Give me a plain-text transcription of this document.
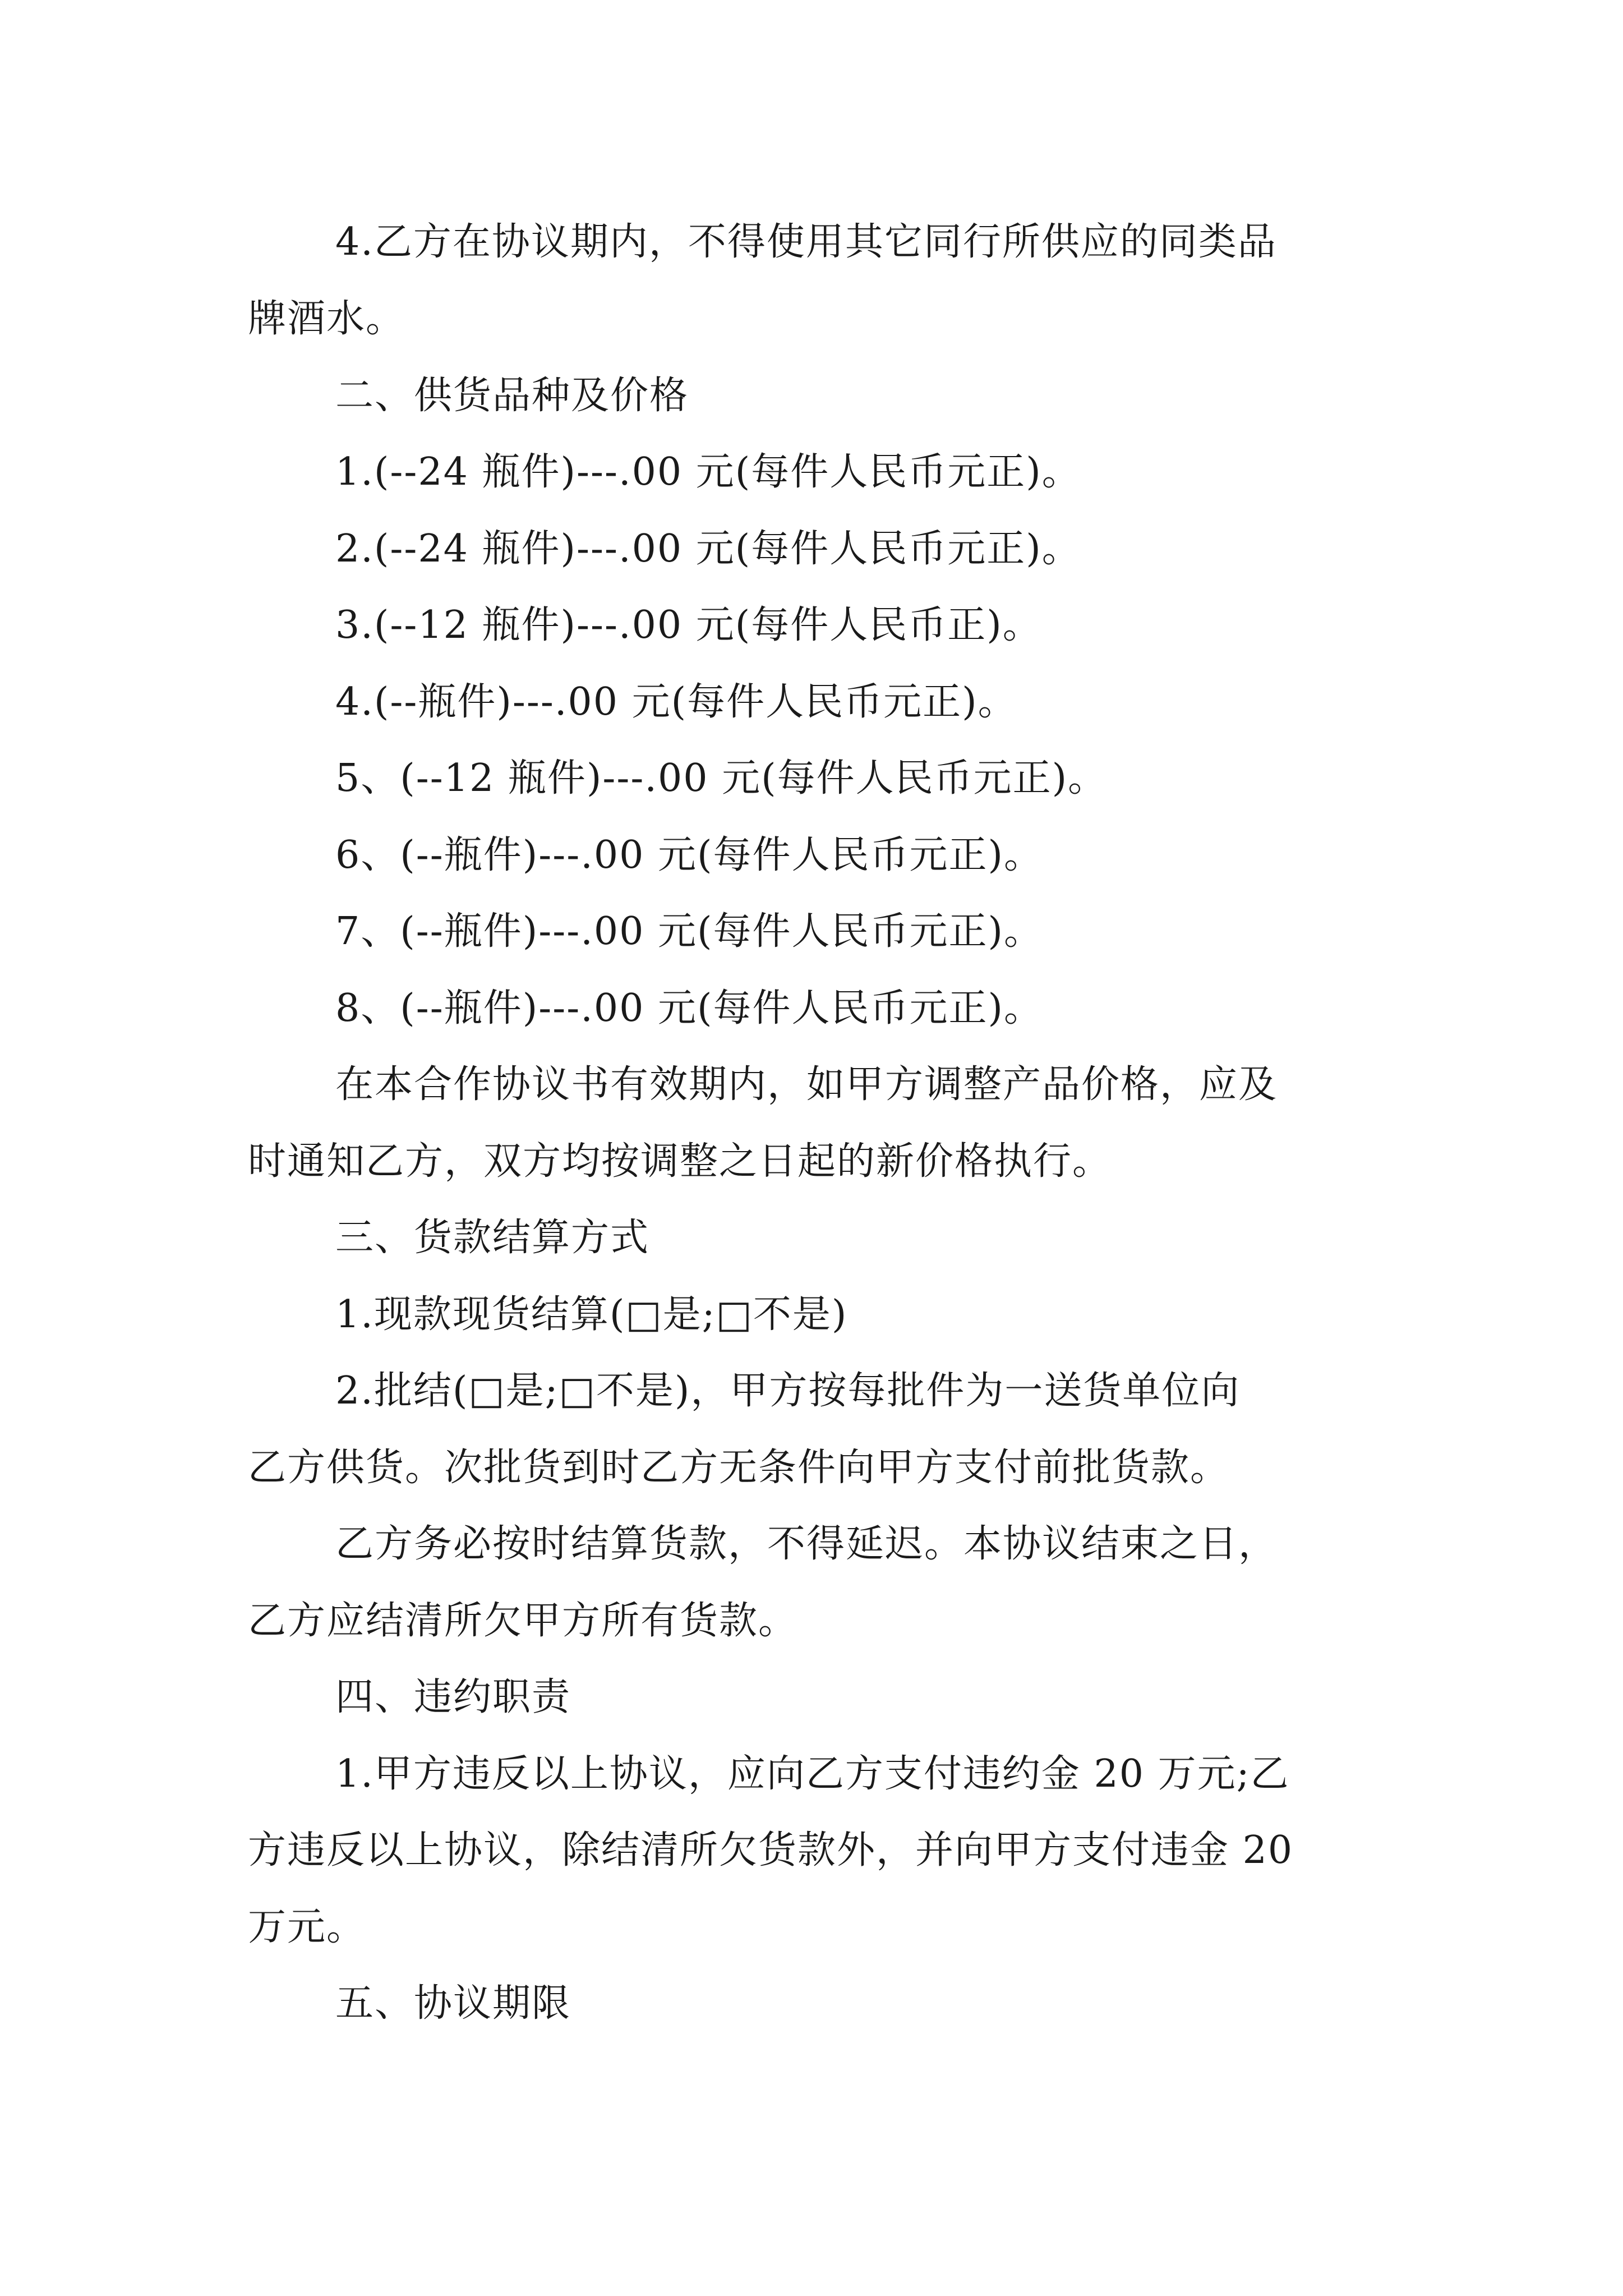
4.乙方在协议期内，不得使用其它同行所供应的同类品
牌酒水。
二、供货品种及价格
1.(--24 瓶件)---.00 元(每件人民币元正)。
2.(--24 瓶件)---.00 元(每件人民币元正)。
3.(--12 瓶件)---.00 元(每件人民币正)。
4.(--瓶件)---.00 元(每件人民币元正)。
5、(--12 瓶件)---.00 元(每件人民币元正)。
6、(--瓶件)---.00 元(每件人民币元正)。
7、(--瓶件)---.00 元(每件人民币元正)。
8、(--瓶件)---.00 元(每件人民币元正)。
在本合作协议书有效期内，如甲方调整产品价格，应及
时通知乙方，双方均按调整之日起的新价格执行。
三、货款结算方式
1.现款现货结算(□是;□不是)
2.批结(□是;□不是)，甲方按每批件为一送货单位向
乙方供货。次批货到时乙方无条件向甲方支付前批货款。
乙方务必按时结算货款，不得延迟。本协议结束之日，
乙方应结清所欠甲方所有货款。
四、违约职责
1.甲方违反以上协议，应向乙方支付违约金 20 万元;乙
方违反以上协议，除结清所欠货款外，并向甲方支付违金 20
万元。
五、协议期限
